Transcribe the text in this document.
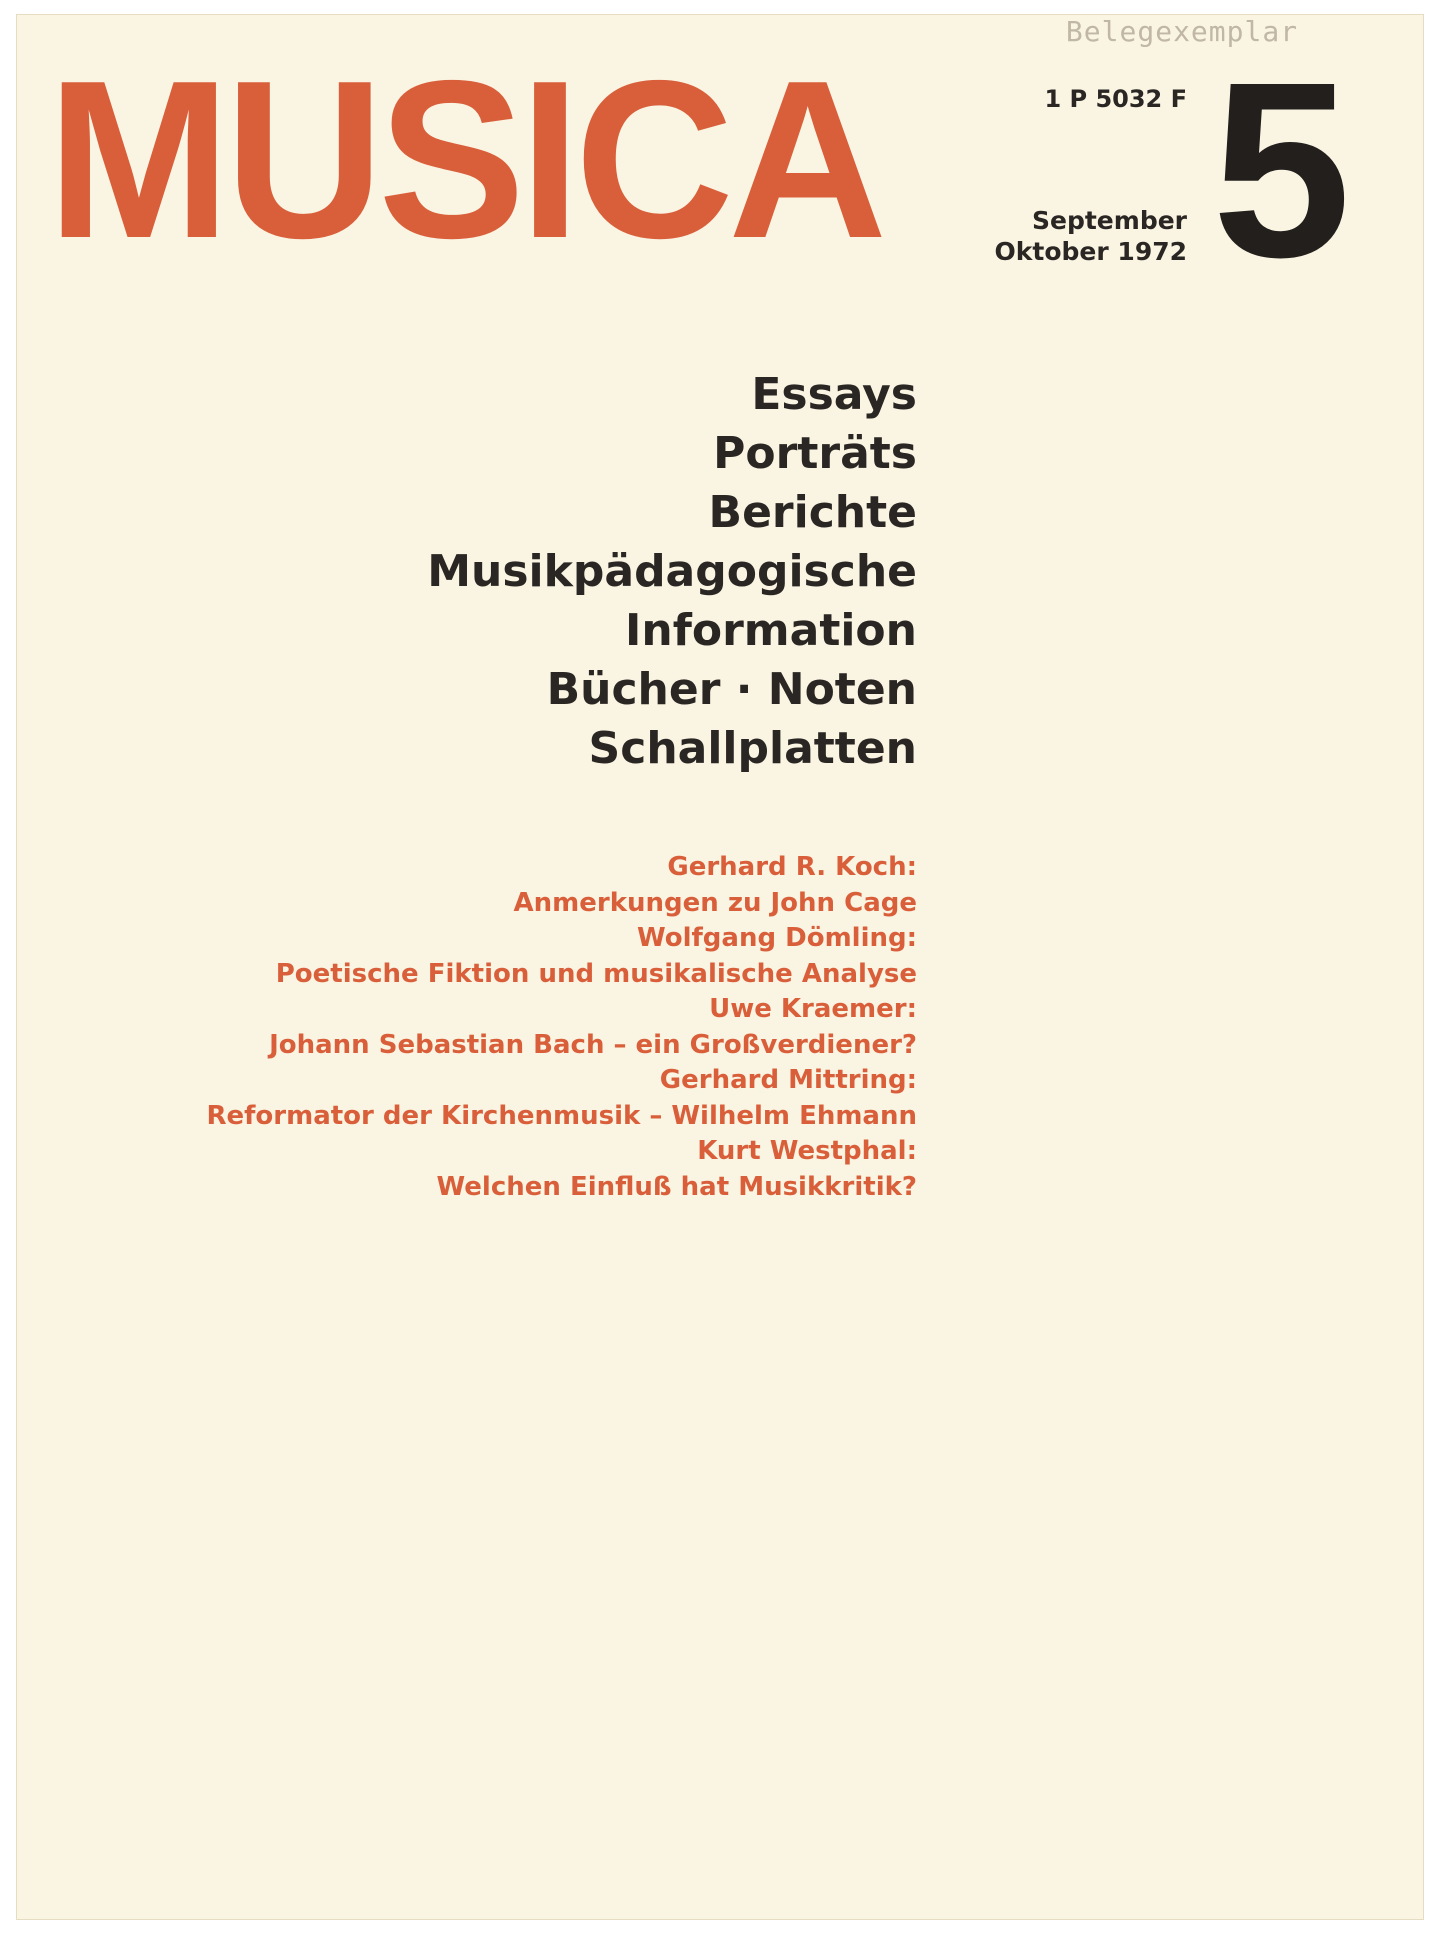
Belegexemplar
MUSICA	1 P 5032 F
September
Oktober 1972 5
Essays
Porträts
Berichte
Musikpädagogische
Information
Bücher · Noten
Schallplatten
Gerhard R. Koch:
Anmerkungen zu John Cage
Wolfgang Dömling:
Poetische Fiktion und musikalische Analyse
Uwe Kraemer:
Johann Sebastian Bach – ein Großverdiener?
Gerhard Mittring:
Reformator der Kirchenmusik – Wilhelm Ehmann
Kurt Westphal:
Welchen Einfluß hat Musikkritik?
